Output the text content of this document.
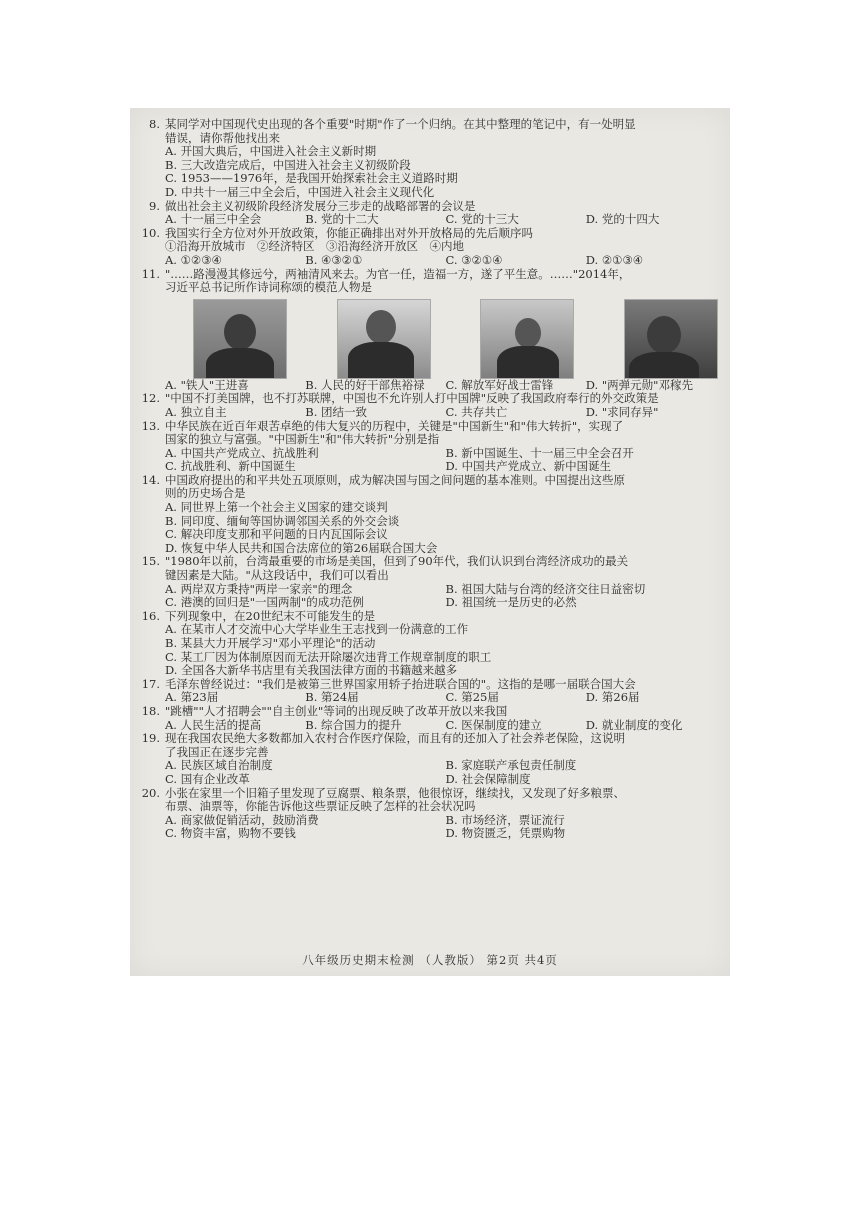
8. 某同学对中国现代史出现的各个重要"时期"作了一个归纳。在其中整理的笔记中，有一处明显
错误，请你帮他找出来
A. 开国大典后，中国进入社会主义新时期
B. 三大改造完成后，中国进入社会主义初级阶段
C. 1953——1976年，是我国开始探索社会主义道路时期
D. 中共十一届三中全会后，中国进入社会主义现代化
9. 做出社会主义初级阶段经济发展分三步走的战略部署的会议是
A. 十一届三中全会	B. 党的十二大	C. 党的十三大	D. 党的十四大
10. 我国实行全方位对外开放政策，你能正确排出对外开放格局的先后顺序吗
①沿海开放城市　②经济特区　③沿海经济开放区　④内地
A. ①②③④	B. ④③②①	C. ③②①④	D. ②①③④
11. "……路漫漫其修远兮，两袖清风来去。为官一任，造福一方，遂了平生意。……"2014年，
习近平总书记所作诗词称颂的模范人物是
A. "铁人"王进喜	B. 人民的好干部焦裕禄	C. 解放军好战士雷锋	D. "两弹元勋"邓稼先
12. "中国不打美国牌，也不打苏联牌，中国也不允许别人打中国牌"反映了我国政府奉行的外交政策是
A. 独立自主	B. 团结一致	C. 共存共亡	D. "求同存异"
13. 中华民族在近百年艰苦卓绝的伟大复兴的历程中，关键是"中国新生"和"伟大转折"，实现了
国家的独立与富强。"中国新生"和"伟大转折"分别是指
A. 中国共产党成立、抗战胜利	B. 新中国诞生、十一届三中全会召开
C. 抗战胜利、新中国诞生	D. 中国共产党成立、新中国诞生
14. 中国政府提出的和平共处五项原则，成为解决国与国之间问题的基本准则。中国提出这些原
则的历史场合是
A. 同世界上第一个社会主义国家的建交谈判
B. 同印度、缅甸等国协调邻国关系的外交会谈
C. 解决印度支那和平问题的日内瓦国际会议
D. 恢复中华人民共和国合法席位的第26届联合国大会
15. "1980年以前，台湾最重要的市场是美国，但到了90年代，我们认识到台湾经济成功的最关
键因素是大陆。"从这段话中，我们可以看出
A. 两岸双方秉持"两岸一家亲"的理念	B. 祖国大陆与台湾的经济交往日益密切
C. 港澳的回归是"一国两制"的成功范例	D. 祖国统一是历史的必然
16. 下列现象中，在20世纪末不可能发生的是
A. 在某市人才交流中心大学毕业生王志找到一份满意的工作
B. 某县大力开展学习"邓小平理论"的活动
C. 某工厂因为体制原因而无法开除屡次违背工作规章制度的职工
D. 全国各大新华书店里有关我国法律方面的书籍越来越多
17. 毛泽东曾经说过："我们是被第三世界国家用轿子抬进联合国的"。这指的是哪一届联合国大会
A. 第23届	B. 第24届	C. 第25届	D. 第26届
18. "跳槽""人才招聘会""自主创业"等词的出现反映了改革开放以来我国
A. 人民生活的提高	B. 综合国力的提升	C. 医保制度的建立	D. 就业制度的变化
19. 现在我国农民绝大多数都加入农村合作医疗保险，而且有的还加入了社会养老保险，这说明
了我国正在逐步完善
A. 民族区域自治制度	B. 家庭联产承包责任制度
C. 国有企业改革	D. 社会保障制度
20. 小张在家里一个旧箱子里发现了豆腐票、粮条票，他很惊讶，继续找，又发现了好多粮票、
布票、油票等，你能告诉他这些票证反映了怎样的社会状况吗
A. 商家做促销活动，鼓励消费	B. 市场经济，票证流行
C. 物资丰富，购物不要钱	D. 物资匮乏，凭票购物
八年级历史期末检测 （人教版） 第2页 共4页
